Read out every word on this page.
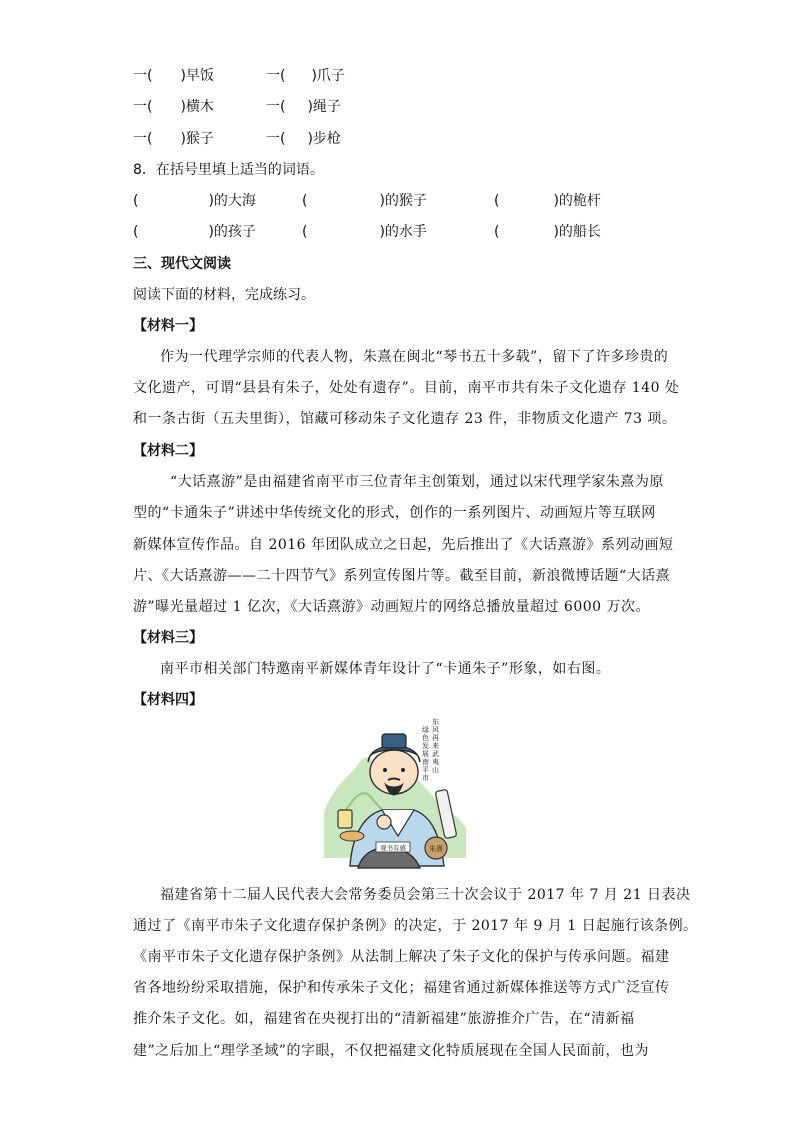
一( )早饭	一( )爪子
一( )横木	一( )绳子
一( )猴子	一( )步枪
8．在括号里填上适当的词语。
(	)的大海	(	)的猴子	(	)的桅杆
(	)的孩子	(	)的水手	(	)的船长
三、现代文阅读
阅读下面的材料，完成练习。
【材料一】
作为一代理学宗师的代表人物，朱熹在闽北“琴书五十多载”，留下了许多珍贵的
文化遗产，可谓“县县有朱子，处处有遗存”。目前，南平市共有朱子文化遗存 140 处
和一条古街（五夫里街），馆藏可移动朱子文化遗存 23 件，非物质文化遗产 73 项。
【材料二】
“大话熹游”是由福建省南平市三位青年主创策划，通过以宋代理学家朱熹为原
型的“卡通朱子”讲述中华传统文化的形式，创作的一系列图片、动画短片等互联网
新媒体宣传作品。自 2016 年团队成立之日起，先后推出了《大话熹游》系列动画短
片、《大话熹游——二十四节气》系列宣传图片等。截至目前，新浪微博话题“大话熹
游”曝光量超过 1 亿次，《大话熹游》动画短片的网络总播放量超过 6000 万次。
【材料三】
南平市相关部门特邀南平新媒体青年设计了“卡通朱子”形象，如右图。
【材料四】
观书有感	朱熹
东风再来武夷山
绿色发展南平市
福建省第十二届人民代表大会常务委员会第三十次会议于 2017 年 7 月 21 日表决
通过了《南平市朱子文化遗存保护条例》的决定，于 2017 年 9 月 1 日起施行该条例。
《南平市朱子文化遗存保护条例》从法制上解决了朱子文化的保护与传承问题。福建
省各地纷纷采取措施，保护和传承朱子文化；福建省通过新媒体推送等方式广泛宣传
推介朱子文化。如，福建省在央视打出的“清新福建”旅游推介广告，在“清新福
建”之后加上“理学圣域”的字眼，不仅把福建文化特质展现在全国人民面前，也为
